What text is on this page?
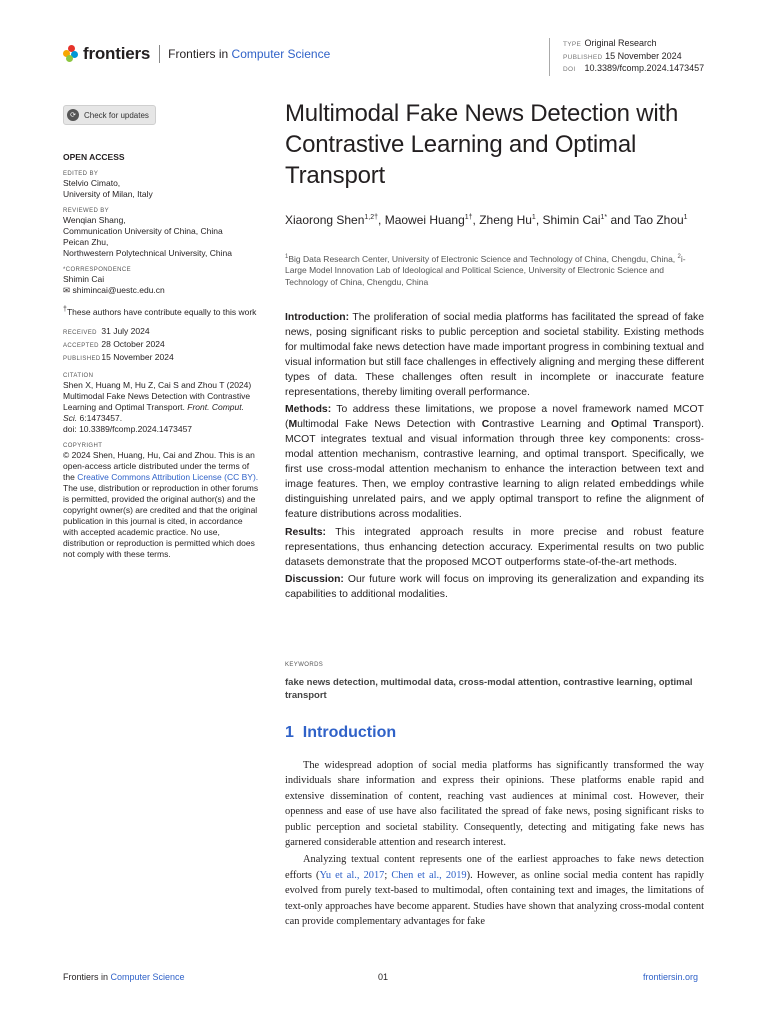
frontiers Frontiers in Computer Science
TYPE Original Research
PUBLISHED 15 November 2024
DOI 10.3389/fcomp.2024.1473457
⟳	Check for updates
OPEN ACCESS
EDITED BY
Stelvio Cimato,
University of Milan, Italy
REVIEWED BY
Wenqian Shang,
Communication University of China, China
Peican Zhu,
Northwestern Polytechnical University, China
*CORRESPONDENCE
Shimin Cai
✉ shimincai@uestc.edu.cn
†These authors have contribute equally to this work
RECEIVED 31 July 2024
ACCEPTED 28 October 2024
PUBLISHED 15 November 2024
CITATION
Shen X, Huang M, Hu Z, Cai S and Zhou T (2024) Multimodal Fake News Detection with Contrastive Learning and Optimal Transport. Front. Comput. Sci. 6:1473457.
doi: 10.3389/fcomp.2024.1473457
COPYRIGHT
© 2024 Shen, Huang, Hu, Cai and Zhou. This is an open-access article distributed under the terms of the Creative Commons Attribution License (CC BY). The use, distribution or reproduction in other forums is permitted, provided the original author(s) and the copyright owner(s) are credited and that the original publication in this journal is cited, in accordance with accepted academic practice. No use, distribution or reproduction is permitted which does not comply with these terms.
Multimodal Fake News Detection with Contrastive Learning and Optimal Transport
Xiaorong Shen$^{1,2\dagger}$, Maowei Huang$^{1\dagger}$, Zheng Hu$^1$, Shimin Cai$^{1*}$ and Tao Zhou$^1$
$^1$Big Data Research Center, University of Electronic Science and Technology of China, Chengdu, China, $^2$i-Large Model Innovation Lab of Ideological and Political Science, University of Electronic Science and Technology of China, Chengdu, China

Introduction: The proliferation of social media platforms has facilitated the spread of fake news, posing significant risks to public perception and societal stability. Existing methods for multimodal fake news detection have made important progress in combining textual and visual information but still face challenges in effectively aligning and merging these different types of data. These challenges often result in incomplete or inaccurate feature representations, thereby limiting overall performance.

Methods: To address these limitations, we propose a novel framework named MCOT (Multimodal Fake News Detection with Contrastive Learning and Optimal Transport). MCOT integrates textual and visual information through three key components: cross-modal attention mechanism, contrastive learning, and optimal transport. Specifically, we first use cross-modal attention mechanism to enhance the interaction between text and image features. Then, we employ contrastive learning to align related embeddings while distinguishing unrelated pairs, and we apply optimal transport to refine the alignment of feature distributions across modalities.

Results: This integrated approach results in more precise and robust feature representations, thus enhancing detection accuracy. Experimental results on two public datasets demonstrate that the proposed MCOT outperforms state-of-the-art methods.

Discussion: Our future work will focus on improving its generalization and expanding its capabilities to additional modalities.

KEYWORDS
fake news detection, multimodal data, cross-modal attention, contrastive learning, optimal transport
1 Introduction

The widespread adoption of social media platforms has significantly transformed the way individuals share information and express their opinions. These platforms enable rapid and extensive dissemination of content, reaching vast audiences at minimal cost. However, their openness and ease of use have also facilitated the spread of fake news, posing significant risks to public perception and societal stability. Consequently, detecting and mitigating fake news has garnered considerable attention and research interest.

Analyzing textual content represents one of the earliest approaches to fake news detection efforts (Yu et al., 2017; Chen et al., 2019). However, as online social media content has rapidly evolved from purely text-based to multimodal, often containing text and images, the limitations of text-only approaches have become apparent. Studies have shown that analyzing cross-modal content can provide complementary advantages for fake

Frontiers in Computer Science	01	frontiersin.org
